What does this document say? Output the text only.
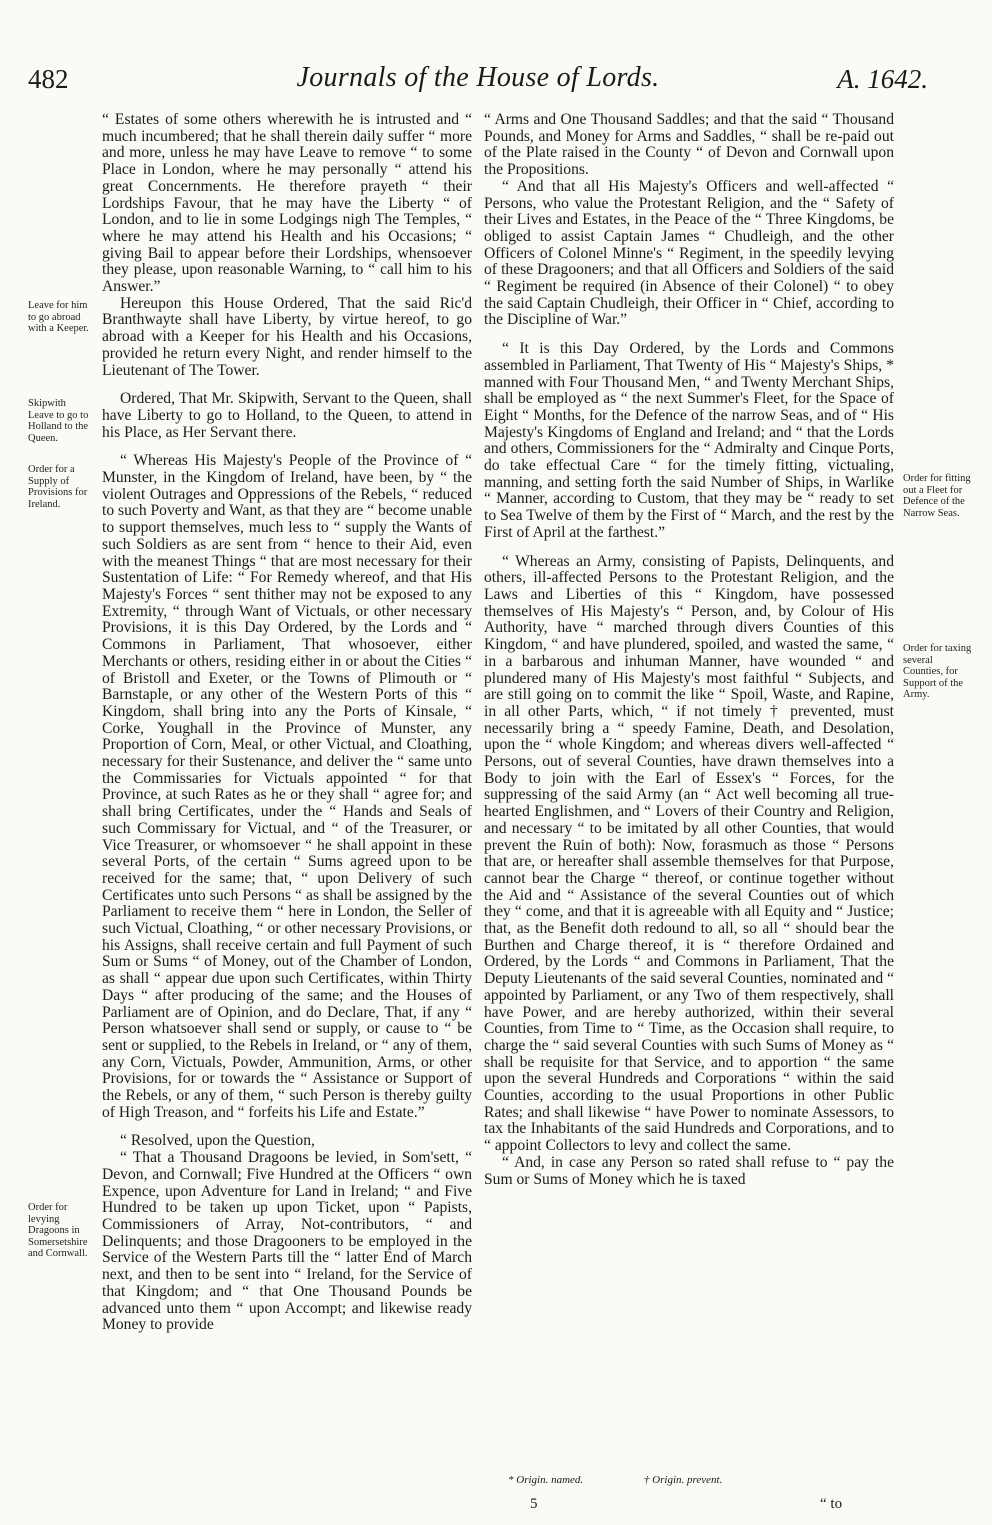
482	Journals of the House of Lords.	A. 1642.
Leave for him to go abroad with a Keeper.
Skipwith Leave to go to Holland to the Queen.
Order for a Supply of Provisions for Ireland.
Order for levying Dragoons in Somersetshire and Cornwall.
Order for fitting out a Fleet for Defence of the Narrow Seas.
Order for taxing several Counties, for Support of the Army.

“ Estates of some others wherewith he is intrusted and “ much incumbered; that he shall therein daily suffer “ more and more, unless he may have Leave to remove “ to some Place in London, where he may personally “ attend his great Concernments. He therefore prayeth “ their Lordships Favour, that he may have the Liberty “ of London, and to lie in some Lodgings nigh The Temples, “ where he may attend his Health and his Occasions; “ giving Bail to appear before their Lordships, whensoever they please, upon reasonable Warning, to “ call him to his Answer.”

Hereupon this House Ordered, That the said Ric'd Branthwayte shall have Liberty, by virtue hereof, to go abroad with a Keeper for his Health and his Occasions, provided he return every Night, and render himself to the Lieutenant of The Tower.

Ordered, That Mr. Skipwith, Servant to the Queen, shall have Liberty to go to Holland, to the Queen, to attend in his Place, as Her Servant there.

“ Whereas His Majesty's People of the Province of “ Munster, in the Kingdom of Ireland, have been, by “ the violent Outrages and Oppressions of the Rebels, “ reduced to such Poverty and Want, as that they are “ become unable to support themselves, much less to “ supply the Wants of such Soldiers as are sent from “ hence to their Aid, even with the meanest Things “ that are most necessary for their Sustentation of Life: “ For Remedy whereof, and that His Majesty's Forces “ sent thither may not be exposed to any Extremity, “ through Want of Victuals, or other necessary Provisions, it is this Day Ordered, by the Lords and “ Commons in Parliament, That whosoever, either Merchants or others, residing either in or about the Cities “ of Bristoll and Exeter, or the Towns of Plimouth or “ Barnstaple, or any other of the Western Ports of this “ Kingdom, shall bring into any the Ports of Kinsale, “ Corke, Youghall in the Province of Munster, any Proportion of Corn, Meal, or other Victual, and Cloathing, necessary for their Sustenance, and deliver the “ same unto the Commissaries for Victuals appointed “ for that Province, at such Rates as he or they shall “ agree for; and shall bring Certificates, under the “ Hands and Seals of such Commissary for Victual, and “ of the Treasurer, or Vice Treasurer, or whomsoever “ he shall appoint in these several Ports, of the certain “ Sums agreed upon to be received for the same; that, “ upon Delivery of such Certificates unto such Persons “ as shall be assigned by the Parliament to receive them “ here in London, the Seller of such Victual, Cloathing, “ or other necessary Provisions, or his Assigns, shall receive certain and full Payment of such Sum or Sums “ of Money, out of the Chamber of London, as shall “ appear due upon such Certificates, within Thirty Days “ after producing of the same; and the Houses of Parliament are of Opinion, and do Declare, That, if any “ Person whatsoever shall send or supply, or cause to “ be sent or supplied, to the Rebels in Ireland, or “ any of them, any Corn, Victuals, Powder, Ammunition, Arms, or other Provisions, for or towards the “ Assistance or Support of the Rebels, or any of them, “ such Person is thereby guilty of High Treason, and “ forfeits his Life and Estate.”

“ Resolved, upon the Question,

“ That a Thousand Dragoons be levied, in Som'sett, “ Devon, and Cornwall; Five Hundred at the Officers “ own Expence, upon Adventure for Land in Ireland; “ and Five Hundred to be taken up upon Ticket, upon “ Papists, Commissioners of Array, Not-contributors, “ and Delinquents; and those Dragooners to be employed in the Service of the Western Parts till the “ latter End of March next, and then to be sent into “ Ireland, for the Service of that Kingdom; and “ that One Thousand Pounds be advanced unto them “ upon Accompt; and likewise ready Money to provide

“ Arms and One Thousand Saddles; and that the said “ Thousand Pounds, and Money for Arms and Saddles, “ shall be re-paid out of the Plate raised in the County “ of Devon and Cornwall upon the Propositions.

“ And that all His Majesty's Officers and well-affected “ Persons, who value the Protestant Religion, and the “ Safety of their Lives and Estates, in the Peace of the “ Three Kingdoms, be obliged to assist Captain James “ Chudleigh, and the other Officers of Colonel Minne's “ Regiment, in the speedily levying of these Dragooners; and that all Officers and Soldiers of the said “ Regiment be required (in Absence of their Colonel) “ to obey the said Captain Chudleigh, their Officer in “ Chief, according to the Discipline of War.”

“ It is this Day Ordered, by the Lords and Commons assembled in Parliament, That Twenty of His “ Majesty's Ships, * manned with Four Thousand Men, “ and Twenty Merchant Ships, shall be employed as “ the next Summer's Fleet, for the Space of Eight “ Months, for the Defence of the narrow Seas, and of “ His Majesty's Kingdoms of England and Ireland; and “ that the Lords and others, Commissioners for the “ Admiralty and Cinque Ports, do take effectual Care “ for the timely fitting, victualing, manning, and setting forth the said Number of Ships, in Warlike “ Manner, according to Custom, that they may be “ ready to set to Sea Twelve of them by the First of “ March, and the rest by the First of April at the farthest.”

“ Whereas an Army, consisting of Papists, Delinquents, and others, ill-affected Persons to the Protestant Religion, and the Laws and Liberties of this “ Kingdom, have possessed themselves of His Majesty's “ Person, and, by Colour of His Authority, have “ marched through divers Counties of this Kingdom, “ and have plundered, spoiled, and wasted the same, “ in a barbarous and inhuman Manner, have wounded “ and plundered many of His Majesty's most faithful “ Subjects, and are still going on to commit the like “ Spoil, Waste, and Rapine, in all other Parts, which, “ if not timely † prevented, must necessarily bring a “ speedy Famine, Death, and Desolation, upon the “ whole Kingdom; and whereas divers well-affected “ Persons, out of several Counties, have drawn themselves into a Body to join with the Earl of Essex's “ Forces, for the suppressing of the said Army (an “ Act well becoming all true-hearted Englishmen, and “ Lovers of their Country and Religion, and necessary “ to be imitated by all other Counties, that would prevent the Ruin of both): Now, forasmuch as those “ Persons that are, or hereafter shall assemble themselves for that Purpose, cannot bear the Charge “ thereof, or continue together without the Aid and “ Assistance of the several Counties out of which they “ come, and that it is agreeable with all Equity and “ Justice; that, as the Benefit doth redound to all, so all “ should bear the Burthen and Charge thereof, it is “ therefore Ordained and Ordered, by the Lords “ and Commons in Parliament, That the Deputy Lieutenants of the said several Counties, nominated and “ appointed by Parliament, or any Two of them respectively, shall have Power, and are hereby authorized, within their several Counties, from Time to “ Time, as the Occasion shall require, to charge the “ said several Counties with such Sums of Money as “ shall be requisite for that Service, and to apportion “ the same upon the several Hundreds and Corporations “ within the said Counties, according to the usual Proportions in other Public Rates; and shall likewise “ have Power to nominate Assessors, to tax the Inhabitants of the said Hundreds and Corporations, and to “ appoint Collectors to levy and collect the same.

“ And, in case any Person so rated shall refuse to “ pay the Sum or Sums of Money which he is taxed

* Origin. named.	† Origin. prevent.
5	“ to
